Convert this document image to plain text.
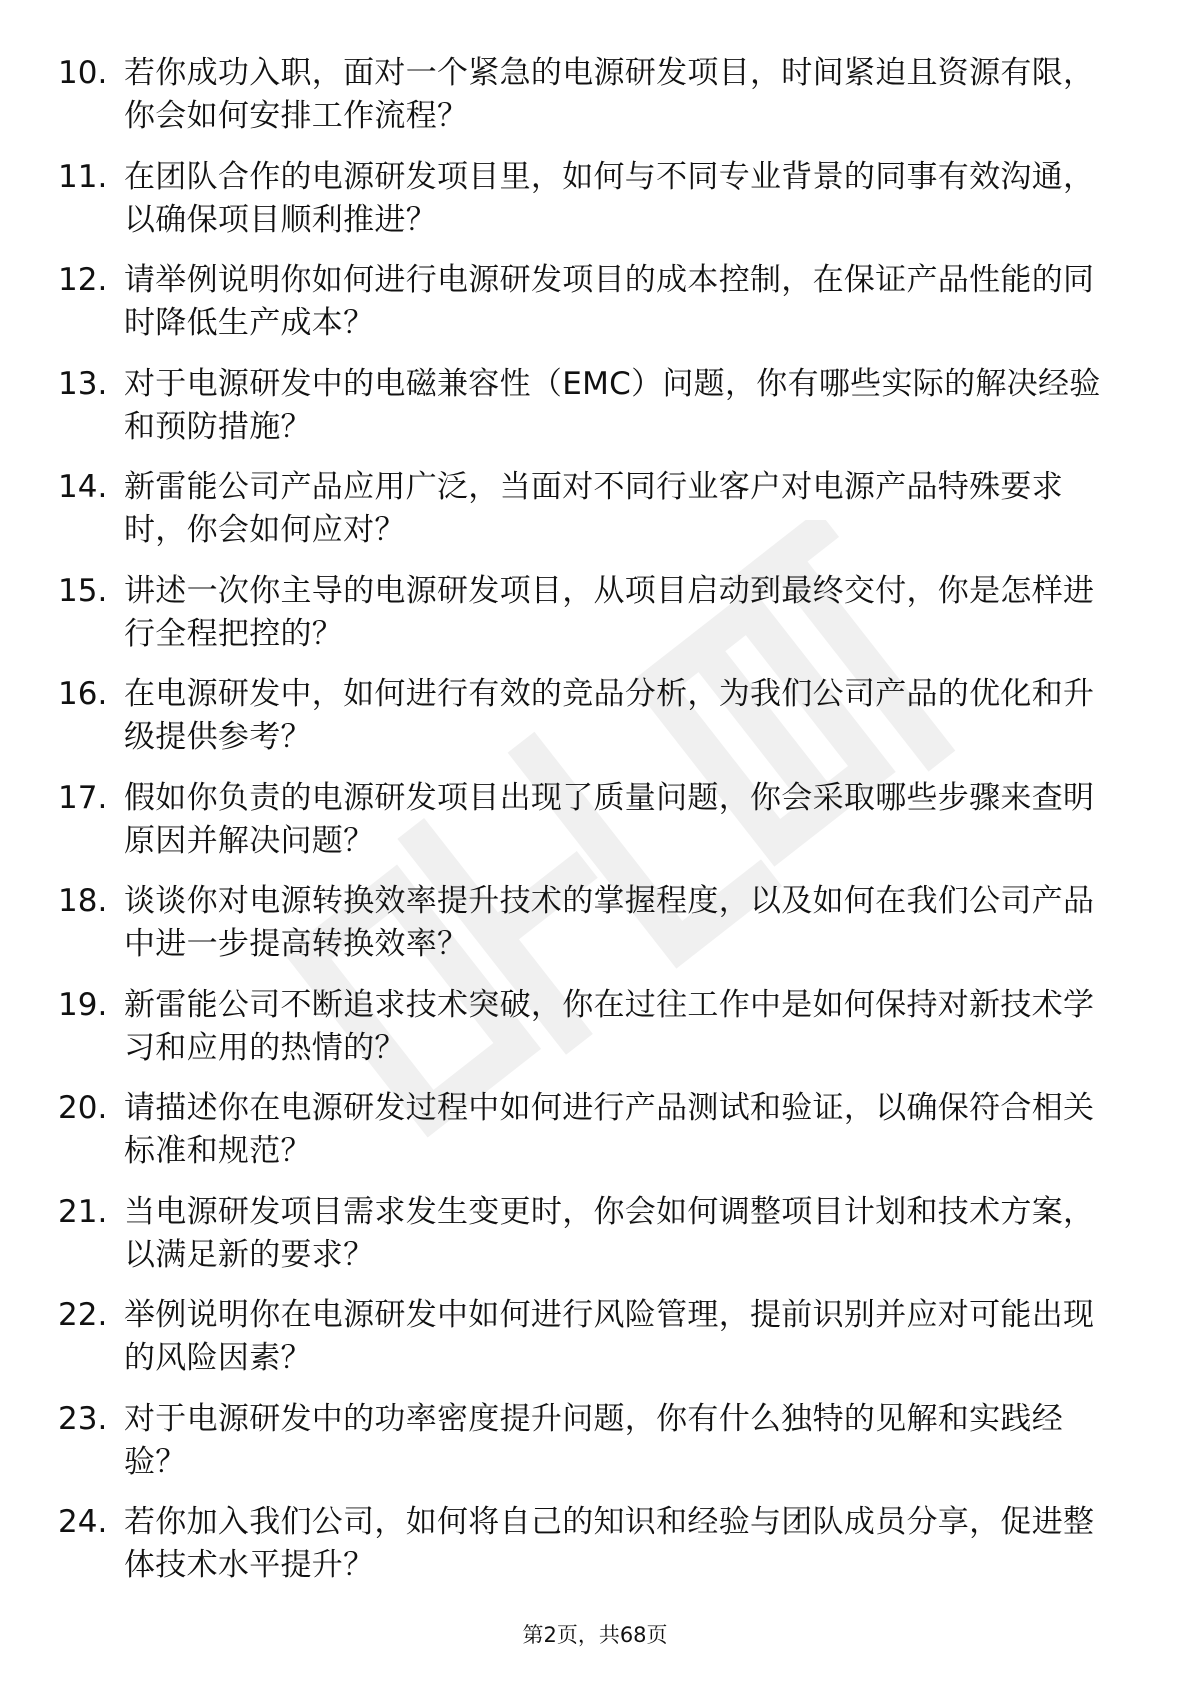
10. 若你成功入职，面对一个紧急的电源研发项目，时间紧迫且资源有限，你会如何安排工作流程？
11. 在团队合作的电源研发项目里，如何与不同专业背景的同事有效沟通，以确保项目顺利推进？
12. 请举例说明你如何进行电源研发项目的成本控制，在保证产品性能的同时降低生产成本？
13. 对于电源研发中的电磁兼容性（EMC）问题，你有哪些实际的解决经验和预防措施？
14. 新雷能公司产品应用广泛，当面对不同行业客户对电源产品特殊要求时，你会如何应对？
15. 讲述一次你主导的电源研发项目，从项目启动到最终交付，你是怎样进行全程把控的？
16. 在电源研发中，如何进行有效的竞品分析，为我们公司产品的优化和升级提供参考？
17. 假如你负责的电源研发项目出现了质量问题，你会采取哪些步骤来查明原因并解决问题？
18. 谈谈你对电源转换效率提升技术的掌握程度，以及如何在我们公司产品中进一步提高转换效率？
19. 新雷能公司不断追求技术突破，你在过往工作中是如何保持对新技术学习和应用的热情的？
20. 请描述你在电源研发过程中如何进行产品测试和验证，以确保符合相关标准和规范？
21. 当电源研发项目需求发生变更时，你会如何调整项目计划和技术方案，以满足新的要求？
22. 举例说明你在电源研发中如何进行风险管理，提前识别并应对可能出现的风险因素？
23. 对于电源研发中的功率密度提升问题，你有什么独特的见解和实践经验？
24. 若你加入我们公司，如何将自己的知识和经验与团队成员分享，促进整体技术水平提升？
第2页，共68页
